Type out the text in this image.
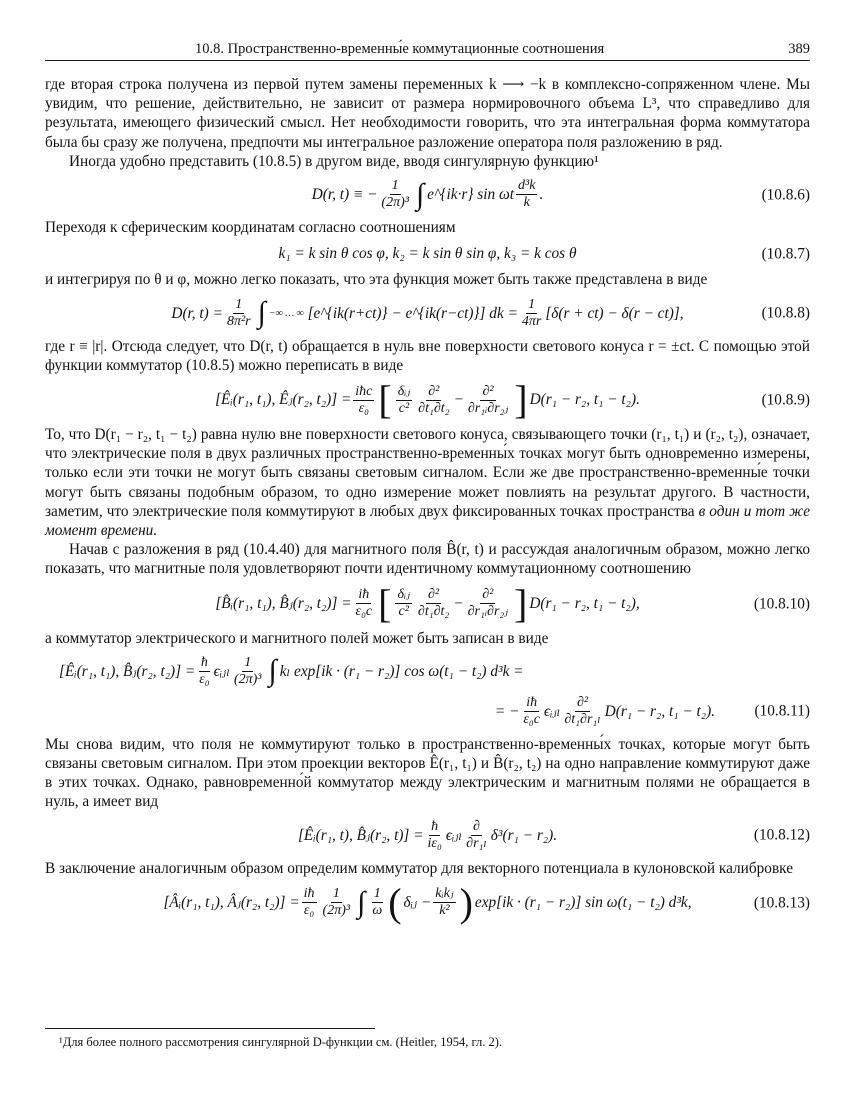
10.8. Пространственно-временны́е коммутационные соотношения	389

где вторая строка получена из первой путем замены переменных k ⟶ −k в комплексно-сопряженном члене. Мы увидим, что решение, действительно, не зависит от размера нормировочного объема L³, что справедливо для результата, имеющего физический смысл. Нет необходимости говорить, что эта интегральная форма коммутатора была бы сразу же получена, предпочти мы интегральное разложение оператора поля разложению в ряд.

Иногда удобно представить (10.8.5) в другом виде, вводя сингулярную функцию¹

D(r, t) ≡ − $\frac{1}{\text{(2π)³}}$ ∫ e^{ik·r} sin ωt $\frac{\text{d³k}}{k}$ .	(10.8.6)

Переходя к сферическим координатам согласно соотношениям

k₁ = k sin θ cos φ, k₂ = k sin θ sin φ, k₃ = k cos θ	(10.8.7)

и интегрируя по θ и φ, можно легко показать, что эта функция может быть также представлена в виде

D(r, $t) = \frac{1}{\text{8π²r}}$ ∫ −∞ … ∞
[e^{ik(r+ct)} − e^{ik(r−ct)}] dk = $\frac{1}{4\pi r} [\delta(r + ct) - \delta(r - ct)]$,	(10.8.8)

где r ≡ |r|. Отсюда следует, что D(r, t) обращается в нуль вне поверхности светового конуса r = ±ct. С помощью этой функции коммутатор (10.8.5) можно переписать в виде

[Êᵢ(r₁, t₁), Êⱼ(r₂, $t_2)] = \frac{\text{iħc}}{\text{ε₀}}$ [ $\frac{\text{δᵢⱼ}}{\text{c²}} \frac{\text{∂²}}{\text{∂t₁∂t₂}} - \frac{\text{∂²}}{\text{∂r₁ᵢ∂r₂ⱼ}}$ ] D(r₁ − r₂, t₁ − t₂).	(10.8.9)

То, что D(r₁ − r₂, t₁ − t₂) равна нулю вне поверхности светового конуса, связывающего точки (r₁, t₁) и (r₂, t₂), означает, что электрические поля в двух различных пространственно-временны́х точках могут быть одновременно измерены, только если эти точки не могут быть связаны световым сигналом. Если же две пространственно-временны́е точки могут быть связаны подобным образом, то одно измерение может повлиять на результат другого. В частности, заметим, что электрические поля коммутируют в любых двух фиксированных точках пространства в один и тот же момент времени.

Начав с разложения в ряд (10.4.40) для магнитного поля B̂(r, t) и рассуждая аналогичным образом, можно легко показать, что магнитные поля удовлетворяют почти идентичному коммутационному соотношению

[B̂ᵢ(r₁, t₁), B̂ⱼ(r₂, $t_2)] = \frac{iħ}{\text{ε₀c}}$ [ $\frac{\text{δᵢⱼ}}{\text{c²}} \frac{\text{∂²}}{\text{∂t₁∂t₂}} - \frac{\text{∂²}}{\text{∂r₁ᵢ∂r₂ⱼ}}$ ] D(r₁ − r₂, t₁ − t₂),	(10.8.10)

а коммутатор электрического и магнитного полей может быть записан в виде

[Êᵢ(r₁, t₁), B̂ⱼ(r₂, $t_2)] = \frac{ħ}{\text{ε₀}}$ ϵᵢⱼₗ $\frac{1}{\text{(2π)³}}$ ∫ kₗ exp[ik · (r₁ − r₂)] cos ω(t₁ − t₂) d³k =
= − $\frac{iħ}{\text{ε₀c}}$ ϵᵢⱼₗ $\frac{\text{∂²}}{\text{∂t₁∂r₁ₗ}} D(r_1 - r_2$, t₁ − t₂).	(10.8.11)

Мы снова видим, что поля не коммутируют только в пространственно-временны́х точках, которые могут быть связаны световым сигналом. При этом проекции векторов Ê(r₁, t₁) и B̂(r₂, t₂) на одно направление коммутируют даже в этих точках. Однако, равновременно́й коммутатор между электрическим и магнитным полями не обращается в нуль, а имеет вид

[Êᵢ(r₁, t), B̂ⱼ(r₂, $t)] = \frac{ħ}{\text{iε₀}}$ ϵᵢⱼₗ $\frac{\partial}{\text{∂r₁ₗ}} \delta^3(r_1 - r_2)$.	(10.8.12)

В заключение аналогичным образом определим коммутатор для векторного потенциала в кулоновской калибровке

[Âᵢ(r₁, t₁), Âⱼ(r₂, $t_2)] = \frac{iħ}{\text{ε₀}} \frac{1}{\text{(2π)³}}$ ∫ $\frac{1}{\omega}$ ( δᵢⱼ − $\frac{\text{kᵢkⱼ}}{\text{k²}}$ ) exp[ik · (r₁ − r₂)] sin ω(t₁ − t₂) d³k,	(10.8.13)
¹Для более полного рассмотрения сингулярной D-функции см. (Heitler, 1954, гл. 2).
